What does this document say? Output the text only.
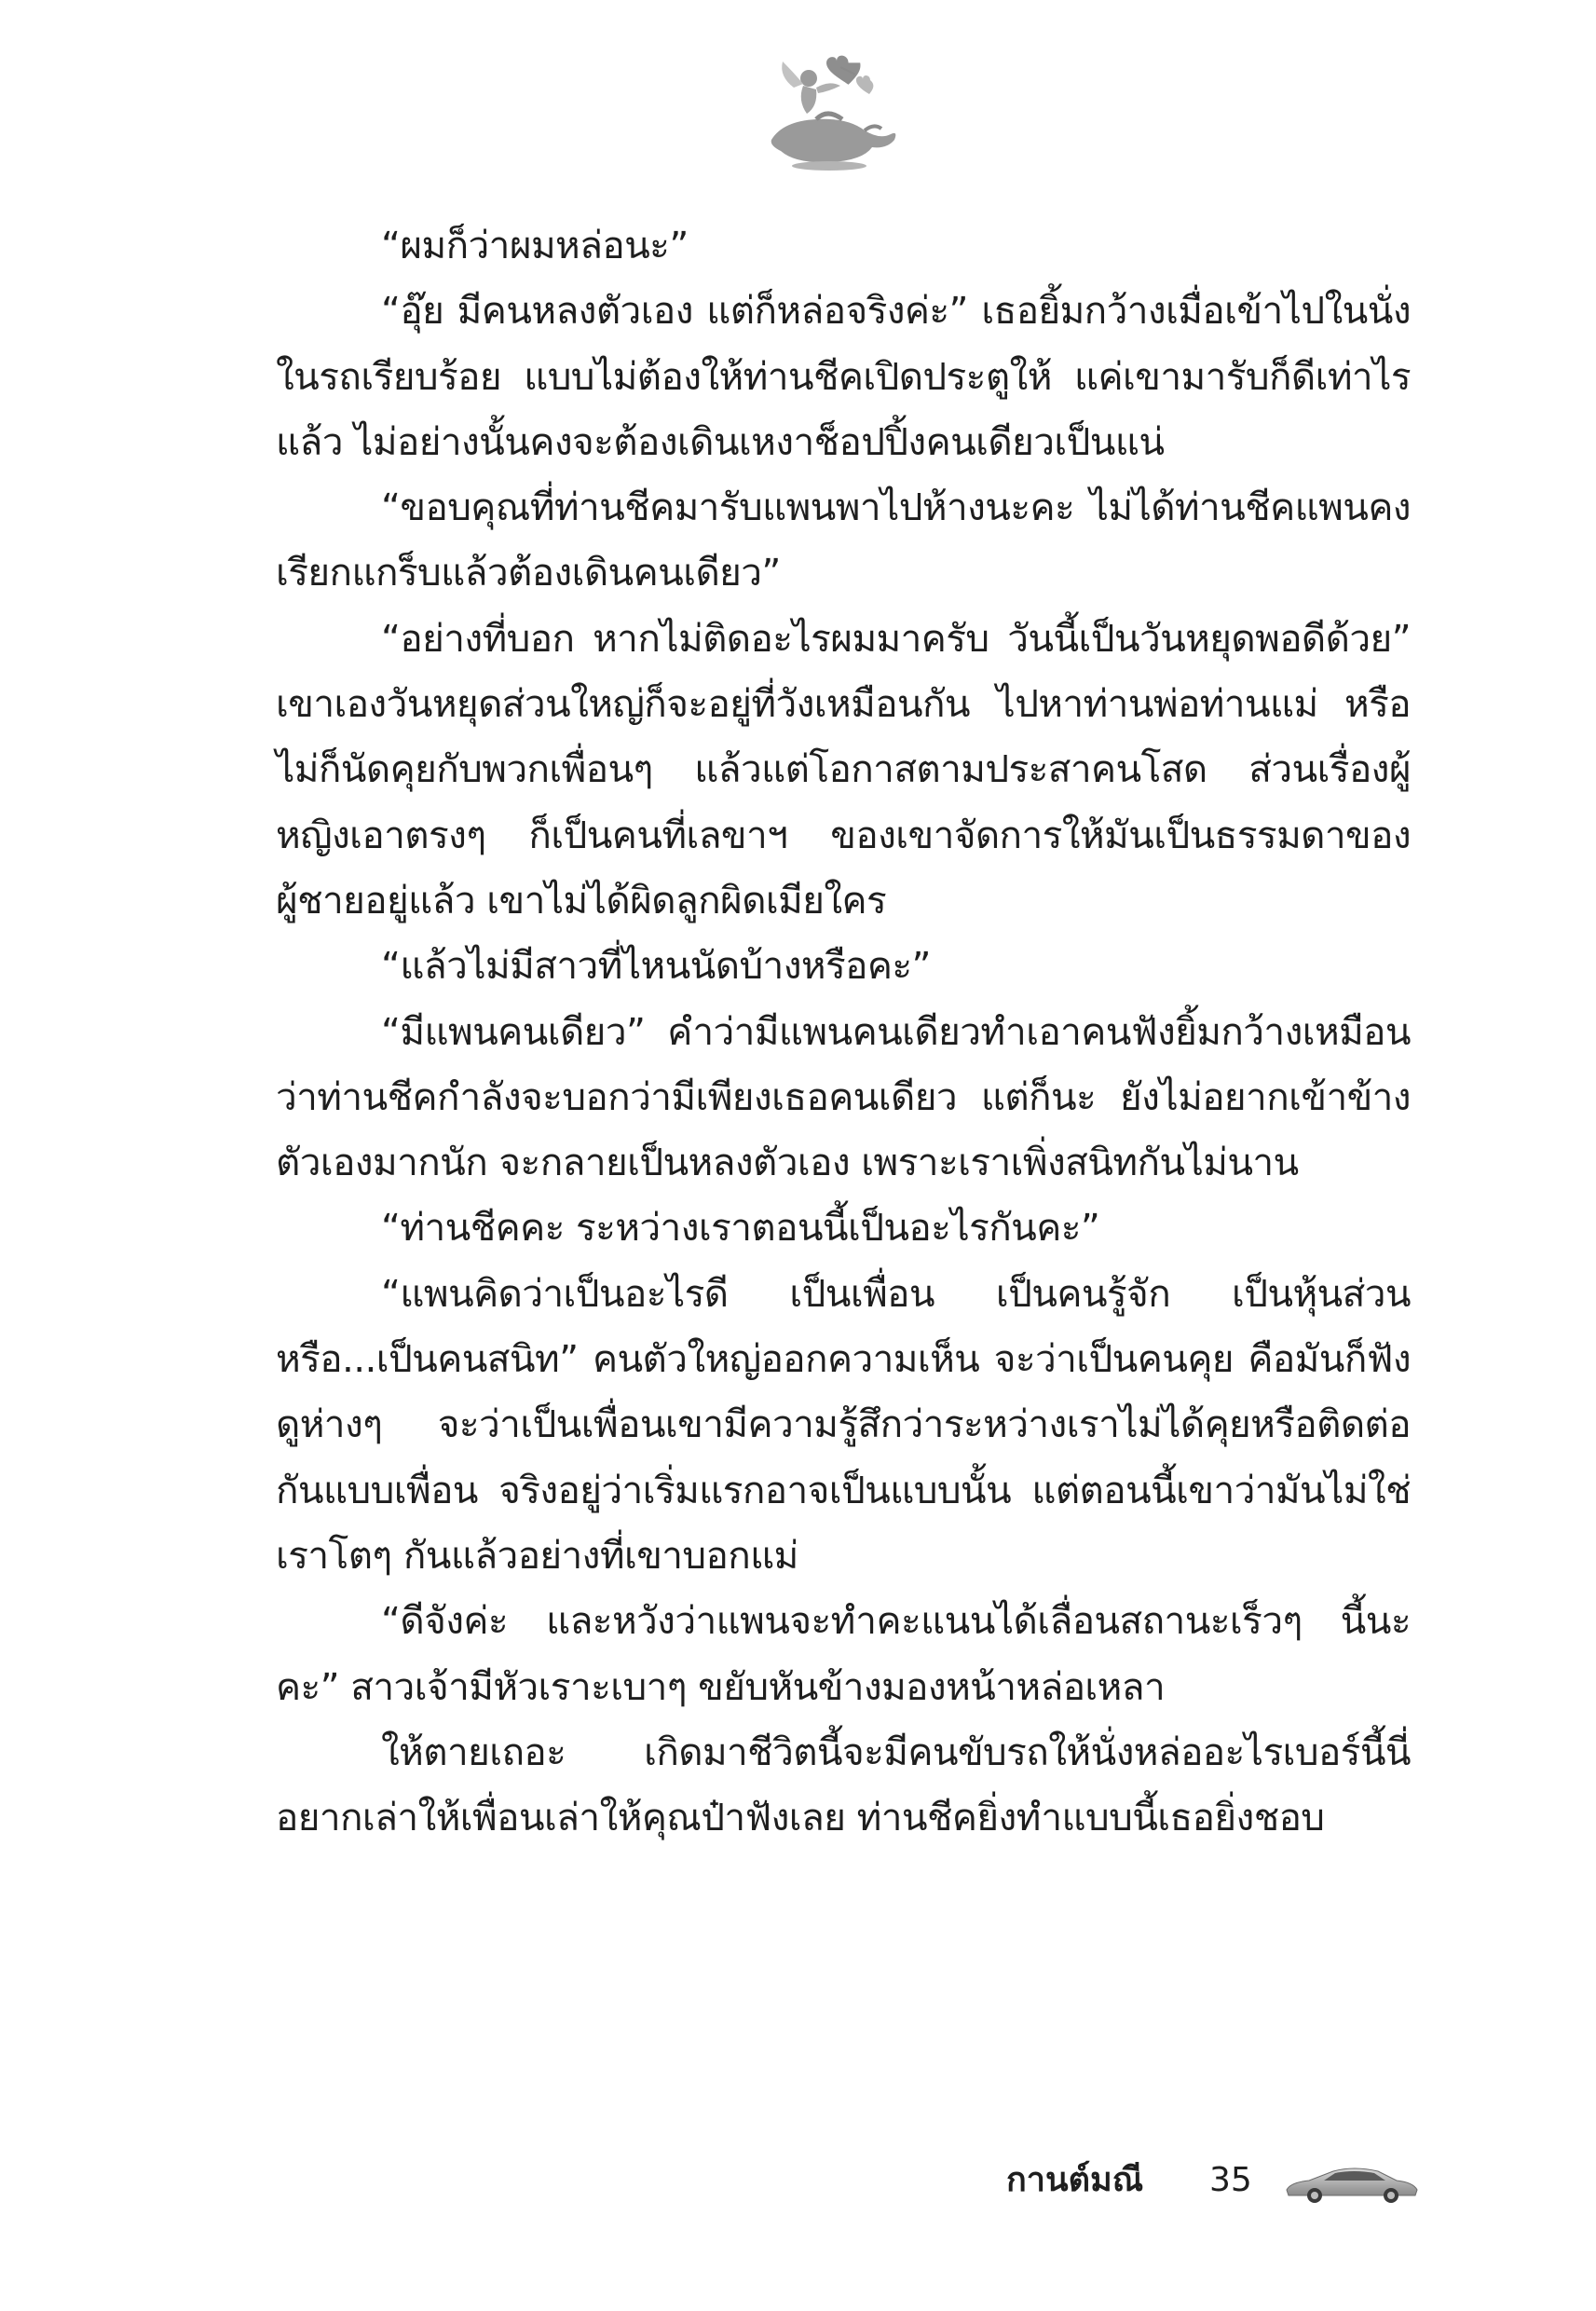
“ผมก็ว่าผมหล่อนะ”

“อุ๊ย มีคนหลงตัวเอง แต่ก็หล่อจริงค่ะ” เธอยิ้มกว้างเมื่อเข้าไปในนั่งในรถเรียบร้อย แบบไม่ต้องให้ท่านชีคเปิดประตูให้ แค่เขามารับก็ดีเท่าไรแล้ว ไม่อย่างนั้นคงจะต้องเดินเหงาช็อปปิ้งคนเดียวเป็นแน่

“ขอบคุณที่ท่านชีคมารับแพนพาไปห้างนะคะ ไม่ได้ท่านชีคแพนคงเรียกแกร็บแล้วต้องเดินคนเดียว”

“อย่างที่บอก หากไม่ติดอะไรผมมาครับ วันนี้เป็นวันหยุดพอดีด้วย” เขาเองวันหยุดส่วนใหญ่ก็จะอยู่ที่วังเหมือนกัน ไปหาท่านพ่อท่านแม่ หรือไม่ก็นัดคุยกับพวกเพื่อนๆ แล้วแต่โอกาสตามประสาคนโสด ส่วนเรื่องผู้หญิงเอาตรงๆ ก็เป็นคนที่เลขาฯ ของเขาจัดการให้มันเป็นธรรมดาของผู้ชายอยู่แล้ว เขาไม่ได้ผิดลูกผิดเมียใคร

“แล้วไม่มีสาวที่ไหนนัดบ้างหรือคะ”

“มีแพนคนเดียว” คำว่ามีแพนคนเดียวทำเอาคนฟังยิ้มกว้างเหมือนว่าท่านชีคกำลังจะบอกว่ามีเพียงเธอคนเดียว แต่ก็นะ ยังไม่อยากเข้าข้างตัวเองมากนัก จะกลายเป็นหลงตัวเอง เพราะเราเพิ่งสนิทกันไม่นาน

“ท่านชีคคะ ระหว่างเราตอนนี้เป็นอะไรกันคะ”

“แพนคิดว่าเป็นอะไรดี เป็นเพื่อน เป็นคนรู้จัก เป็นหุ้นส่วน หรือ...เป็นคนสนิท” คนตัวใหญ่ออกความเห็น จะว่าเป็นคนคุย คือมันก็ฟังดูห่างๆ จะว่าเป็นเพื่อนเขามีความรู้สึกว่าระหว่างเราไม่ได้คุยหรือติดต่อกันแบบเพื่อน จริงอยู่ว่าเริ่มแรกอาจเป็นแบบนั้น แต่ตอนนี้เขาว่ามันไม่ใช่ เราโตๆ กันแล้วอย่างที่เขาบอกแม่

“ดีจังค่ะ และหวังว่าแพนจะทำคะแนนได้เลื่อนสถานะเร็วๆ นี้นะคะ” สาวเจ้ามีหัวเราะเบาๆ ขยับหันข้างมองหน้าหล่อเหลา

ให้ตายเถอะ เกิดมาชีวิตนี้จะมีคนขับรถให้นั่งหล่ออะไรเบอร์นี้นี่อยากเล่าให้เพื่อนเล่าให้คุณป๋าฟังเลย ท่านชีคยิ่งทำแบบนี้เธอยิ่งชอบ

กานต์มณี 35
